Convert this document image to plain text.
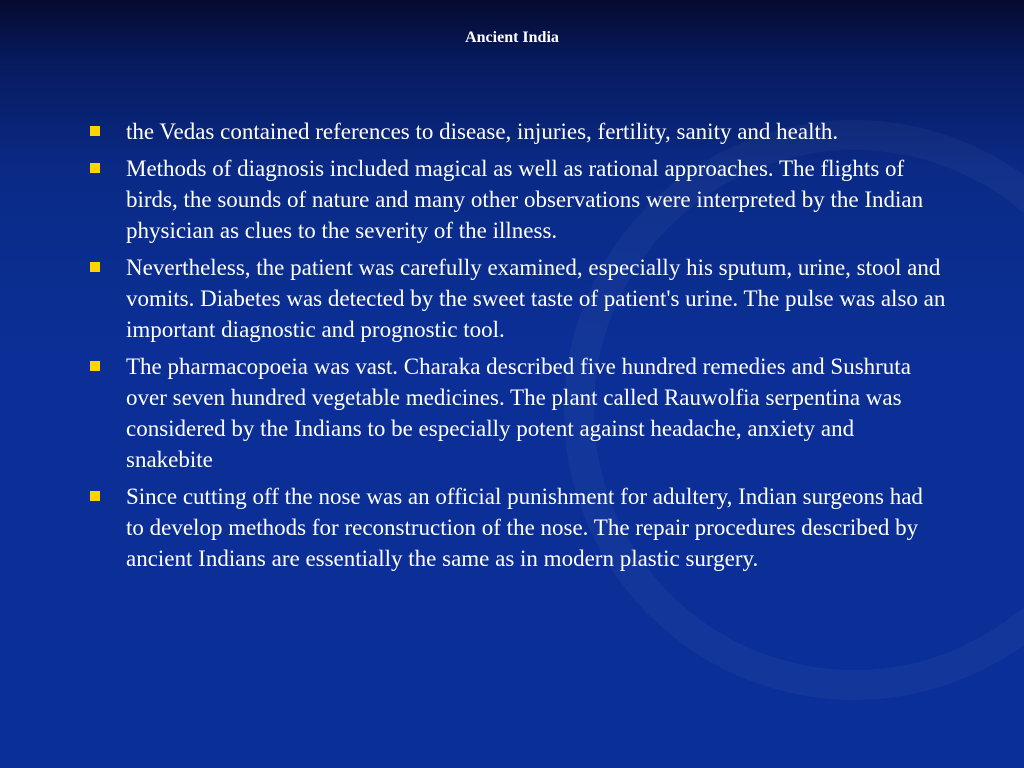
Ancient India
the Vedas contained references to disease, injuries, fertility, sanity and health.
Methods of diagnosis included magical as well as rational approaches. The flights of birds, the sounds of nature and many other observations were interpreted by the Indian physician as clues to the severity of the illness.
Nevertheless, the patient was carefully examined, especially his sputum, urine, stool and vomits. Diabetes was detected by the sweet taste of patient's urine. The pulse was also an important diagnostic and prognostic tool.
The pharmacopoeia was vast. Charaka described five hundred remedies and Sushruta over seven hundred vegetable medicines. The plant called Rauwolfia serpentina was considered by the Indians to be especially potent against headache, anxiety and snakebite
Since cutting off the nose was an official punishment for adultery, Indian surgeons had to develop methods for reconstruction of the nose. The repair procedures described by ancient Indians are essentially the same as in modern plastic surgery.
